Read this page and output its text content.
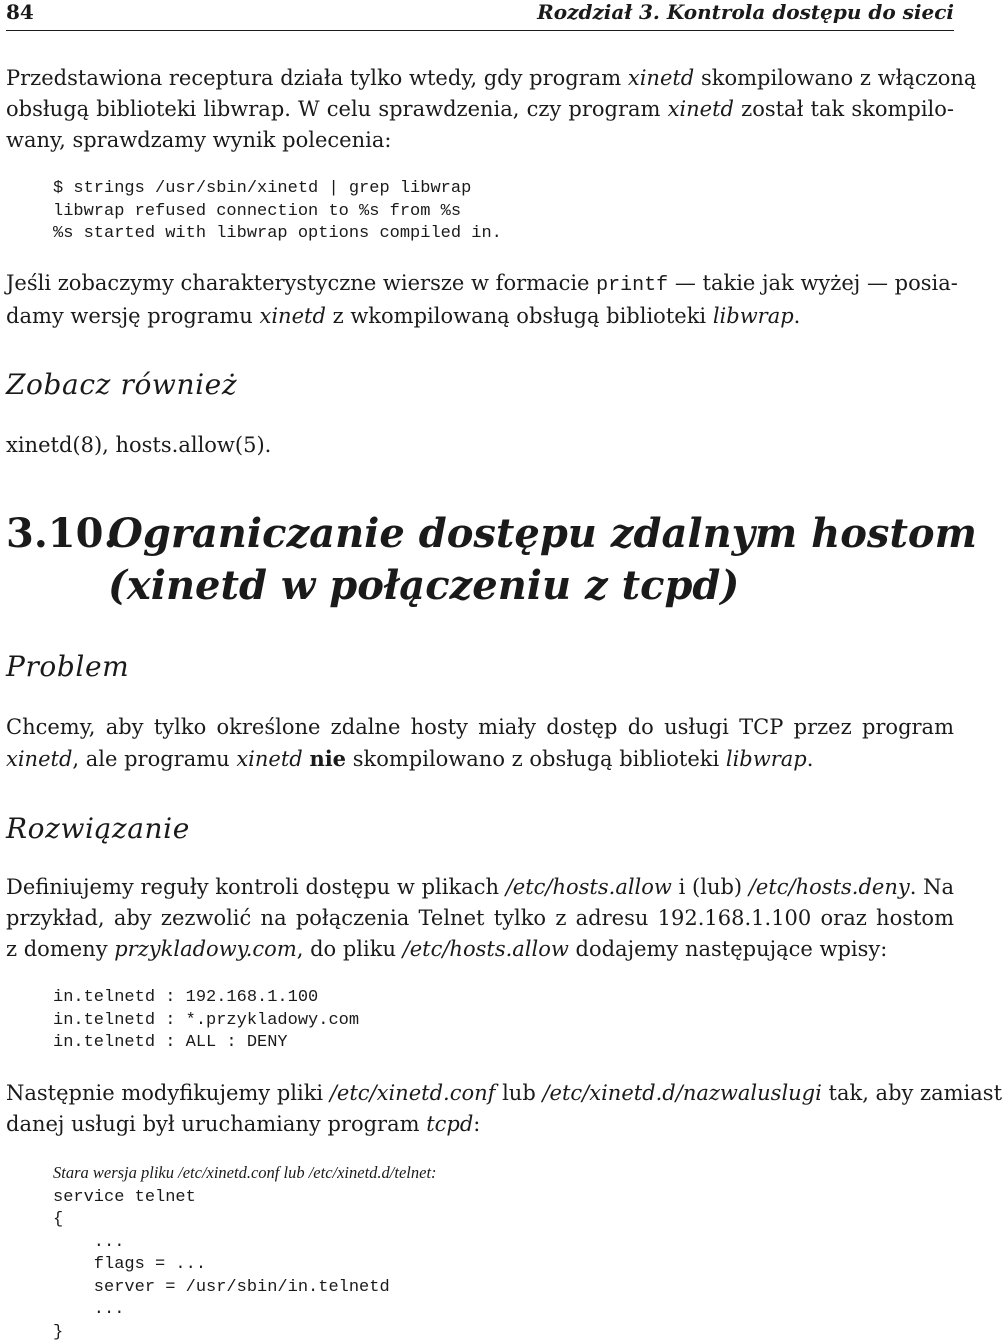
84	Rozdział 3. Kontrola dostępu do sieci
Przedstawiona receptura działa tylko wtedy, gdy program xinetd skompilowano z włączoną
obsługą biblioteki libwrap. W celu sprawdzenia, czy program xinetd został tak skompilo-
wany, sprawdzamy wynik polecenia:
$ strings /usr/sbin/xinetd | grep libwrap
libwrap refused connection to %s from %s
%s started with libwrap options compiled in.
Jeśli zobaczymy charakterystyczne wiersze w formacie printf — takie jak wyżej — posia-
damy wersję programu xinetd z wkompilowaną obsługą biblioteki libwrap.
Zobacz również
xinetd(8), hosts.allow(5).
3.10.Ograniczanie dostępu zdalnym hostom
(xinetd w połączeniu z tcpd)
Problem
Chcemy, aby tylko określone zdalne hosty miały dostęp do usługi TCP przez program
xinetd, ale programu xinetd nie skompilowano z obsługą biblioteki libwrap.
Rozwiązanie
Definiujemy reguły kontroli dostępu w plikach /etc/hosts.allow i (lub) /etc/hosts.deny. Na
przykład, aby zezwolić na połączenia Telnet tylko z adresu 192.168.1.100 oraz hostom
z domeny przykladowy.com, do pliku /etc/hosts.allow dodajemy następujące wpisy:
in.telnetd : 192.168.1.100
in.telnetd : *.przykladowy.com
in.telnetd : ALL : DENY
Następnie modyfikujemy pliki /etc/xinetd.conf lub /etc/xinetd.d/nazwaluslugi tak, aby zamiast
danej usługi był uruchamiany program tcpd:
Stara wersja pliku /etc/xinetd.conf lub /etc/xinetd.d/telnet:
service telnet
{
...
flags = ...
server = /usr/sbin/in.telnetd
...
}
